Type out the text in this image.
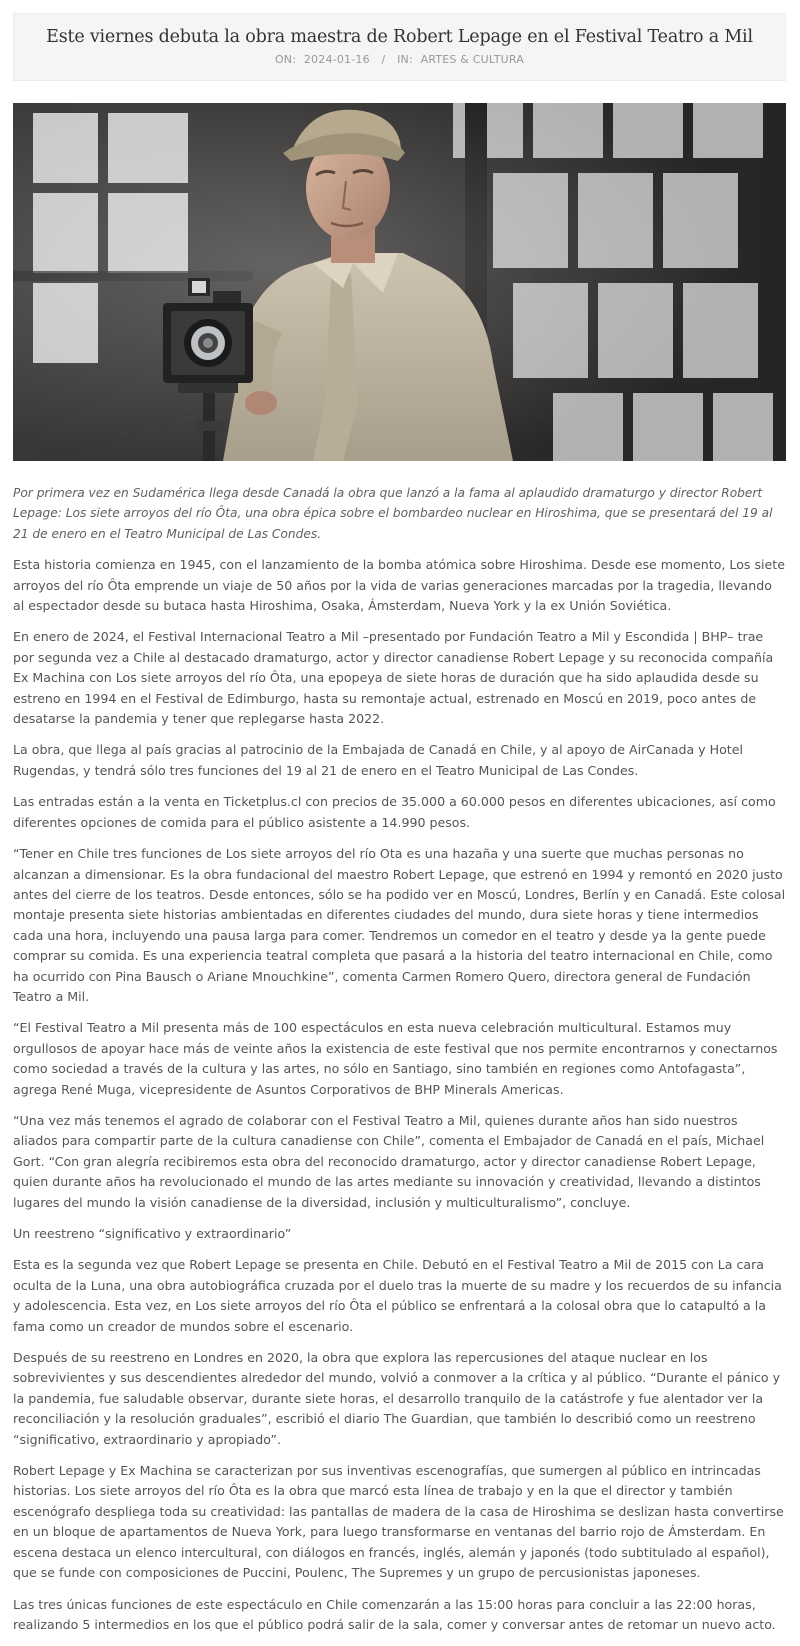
Este viernes debuta la obra maestra de Robert Lepage en el Festival Teatro a Mil
ON: 2024-01-16 / IN: ARTES & CULTURA

Por primera vez en Sudamérica llega desde Canadá la obra que lanzó a la fama al aplaudido dramaturgo y director Robert Lepage: Los siete arroyos del río Ôta, una obra épica sobre el bombardeo nuclear en Hiroshima, que se presentará del 19 al 21 de enero en el Teatro Municipal de Las Condes.

Esta historia comienza en 1945, con el lanzamiento de la bomba atómica sobre Hiroshima. Desde ese momento, Los siete arroyos del río Ôta emprende un viaje de 50 años por la vida de varias generaciones marcadas por la tragedia, llevando al espectador desde su butaca hasta Hiroshima, Osaka, Ámsterdam, Nueva York y la ex Unión Soviética.

En enero de 2024, el Festival Internacional Teatro a Mil –presentado por Fundación Teatro a Mil y Escondida | BHP– trae por segunda vez a Chile al destacado dramaturgo, actor y director canadiense Robert Lepage y su reconocida compañía Ex Machina con Los siete arroyos del río Ôta, una epopeya de siete horas de duración que ha sido aplaudida desde su estreno en 1994 en el Festival de Edimburgo, hasta su remontaje actual, estrenado en Moscú en 2019, poco antes de desatarse la pandemia y tener que replegarse hasta 2022.

La obra, que llega al país gracias al patrocinio de la Embajada de Canadá en Chile, y al apoyo de AirCanada y Hotel Rugendas, y tendrá sólo tres funciones del 19 al 21 de enero en el Teatro Municipal de Las Condes.

Las entradas están a la venta en Ticketplus.cl con precios de 35.000 a 60.000 pesos en diferentes ubicaciones, así como diferentes opciones de comida para el público asistente a 14.990 pesos.

“Tener en Chile tres funciones de Los siete arroyos del río Ota es una hazaña y una suerte que muchas personas no alcanzan a dimensionar. Es la obra fundacional del maestro Robert Lepage, que estrenó en 1994 y remontó en 2020 justo antes del cierre de los teatros. Desde entonces, sólo se ha podido ver en Moscú, Londres, Berlín y en Canadá. Este colosal montaje presenta siete historias ambientadas en diferentes ciudades del mundo, dura siete horas y tiene intermedios cada una hora, incluyendo una pausa larga para comer. Tendremos un comedor en el teatro y desde ya la gente puede comprar su comida. Es una experiencia teatral completa que pasará a la historia del teatro internacional en Chile, como ha ocurrido con Pina Bausch o Ariane Mnouchkine”, comenta Carmen Romero Quero, directora general de Fundación Teatro a Mil.

“El Festival Teatro a Mil presenta más de 100 espectáculos en esta nueva celebración multicultural. Estamos muy orgullosos de apoyar hace más de veinte años la existencia de este festival que nos permite encontrarnos y conectarnos como sociedad a través de la cultura y las artes, no sólo en Santiago, sino también en regiones como Antofagasta”, agrega René Muga, vicepresidente de Asuntos Corporativos de BHP Minerals Americas.

“Una vez más tenemos el agrado de colaborar con el Festival Teatro a Mil, quienes durante años han sido nuestros aliados para compartir parte de la cultura canadiense con Chile”, comenta el Embajador de Canadá en el país, Michael Gort. “Con gran alegría recibiremos esta obra del reconocido dramaturgo, actor y director canadiense Robert Lepage, quien durante años ha revolucionado el mundo de las artes mediante su innovación y creatividad, llevando a distintos lugares del mundo la visión canadiense de la diversidad, inclusión y multiculturalismo”, concluye.

Un reestreno “significativo y extraordinario”

Esta es la segunda vez que Robert Lepage se presenta en Chile. Debutó en el Festival Teatro a Mil de 2015 con La cara oculta de la Luna, una obra autobiográfica cruzada por el duelo tras la muerte de su madre y los recuerdos de su infancia y adolescencia. Esta vez, en Los siete arroyos del río Ôta el público se enfrentará a la colosal obra que lo catapultó a la fama como un creador de mundos sobre el escenario.

Después de su reestreno en Londres en 2020, la obra que explora las repercusiones del ataque nuclear en los sobrevivientes y sus descendientes alrededor del mundo, volvió a conmover a la crítica y al público. “Durante el pánico y la pandemia, fue saludable observar, durante siete horas, el desarrollo tranquilo de la catástrofe y fue alentador ver la reconciliación y la resolución graduales”, escribió el diario The Guardian, que también lo describió como un reestreno “significativo, extraordinario y apropiado”.

Robert Lepage y Ex Machina se caracterizan por sus inventivas escenografías, que sumergen al público en intrincadas historias. Los siete arroyos del río Ôta es la obra que marcó esta línea de trabajo y en la que el director y también escenógrafo despliega toda su creatividad: las pantallas de madera de la casa de Hiroshima se deslizan hasta convertirse en un bloque de apartamentos de Nueva York, para luego transformarse en ventanas del barrio rojo de Ámsterdam. En escena destaca un elenco intercultural, con diálogos en francés, inglés, alemán y japonés (todo subtitulado al español), que se funde con composiciones de Puccini, Poulenc, The Supremes y un grupo de percusionistas japoneses.

Las tres únicas funciones de este espectáculo en Chile comenzarán a las 15:00 horas para concluir a las 22:00 horas, realizando 5 intermedios en los que el público podrá salir de la sala, comer y conversar antes de retomar un nuevo acto.
